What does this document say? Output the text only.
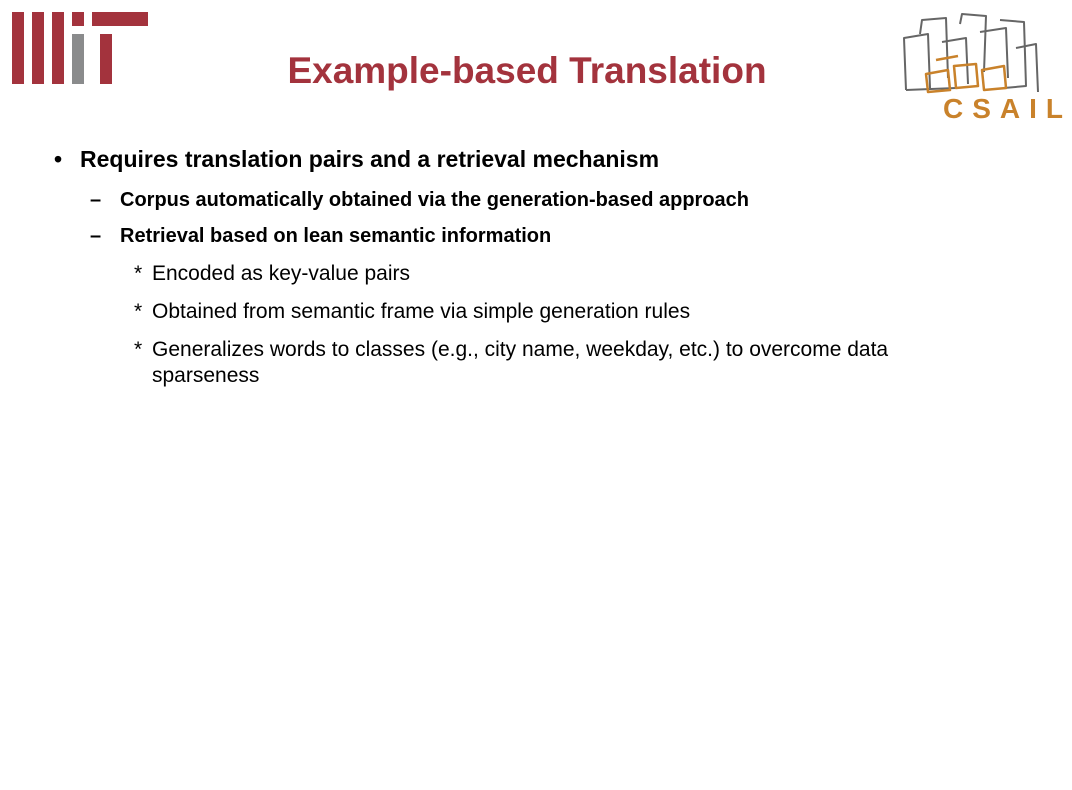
Example-based Translation
CSAIL
• Requires translation pairs and a retrieval mechanism
– Corpus automatically obtained via the generation-based approach
– Retrieval based on lean semantic information
* Encoded as key-value pairs
* Obtained from semantic frame via simple generation rules
* Generalizes words to classes (e.g., city name, weekday, etc.) to overcome data sparseness
